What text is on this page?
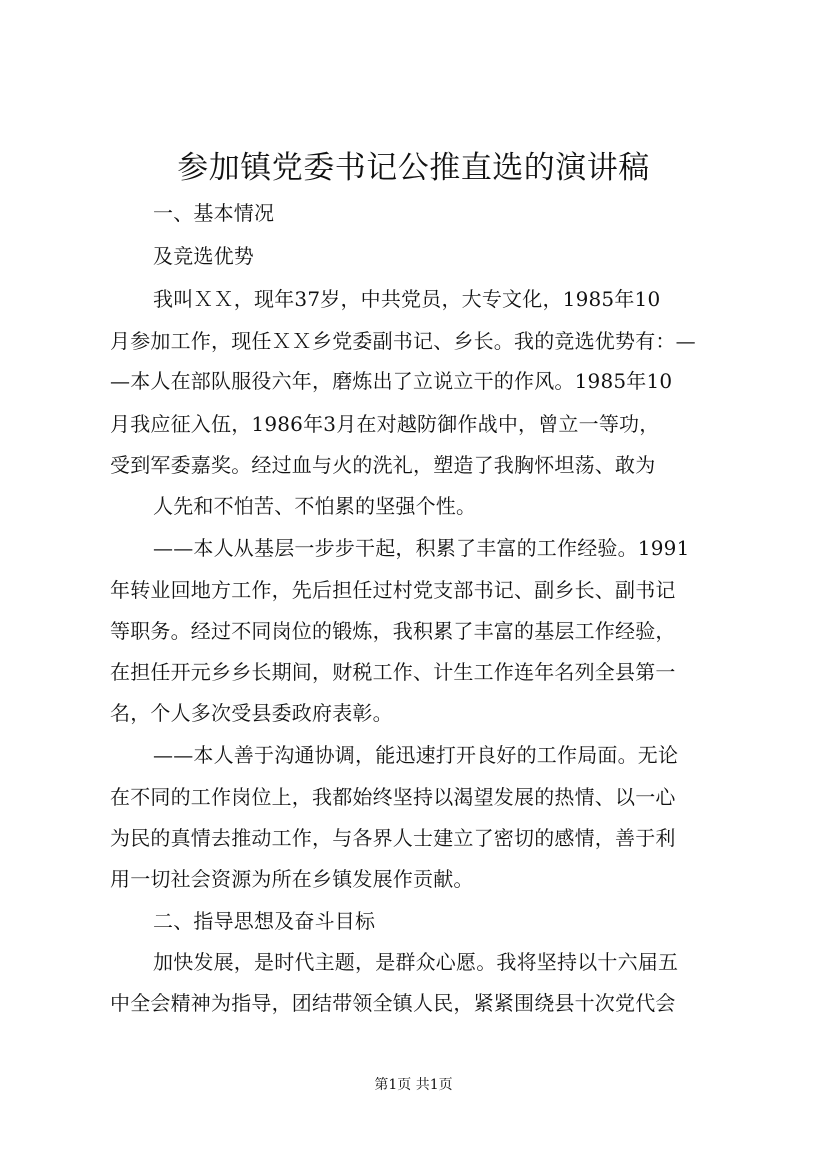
参加镇党委书记公推直选的演讲稿
一、基本情况
及竞选优势
我叫ＸＸ，现年37岁，中共党员，大专文化，1985年10
月参加工作，现任ＸＸ乡党委副书记、乡长。我的竞选优势有：—
—本人在部队服役六年，磨炼出了立说立干的作风。1985年10
月我应征入伍，1986年3月在对越防御作战中，曾立一等功，
受到军委嘉奖。经过血与火的洗礼，塑造了我胸怀坦荡、敢为
人先和不怕苦、不怕累的坚强个性。
——本人从基层一步步干起，积累了丰富的工作经验。1991
年转业回地方工作，先后担任过村党支部书记、副乡长、副书记
等职务。经过不同岗位的锻炼，我积累了丰富的基层工作经验，
在担任开元乡乡长期间，财税工作、计生工作连年名列全县第一
名，个人多次受县委政府表彰。
——本人善于沟通协调，能迅速打开良好的工作局面。无论
在不同的工作岗位上，我都始终坚持以渴望发展的热情、以一心
为民的真情去推动工作，与各界人士建立了密切的感情，善于利
用一切社会资源为所在乡镇发展作贡献。
二、指导思想及奋斗目标
加快发展，是时代主题，是群众心愿。我将坚持以十六届五
中全会精神为指导，团结带领全镇人民，紧紧围绕县十次党代会
第1页 共1页
